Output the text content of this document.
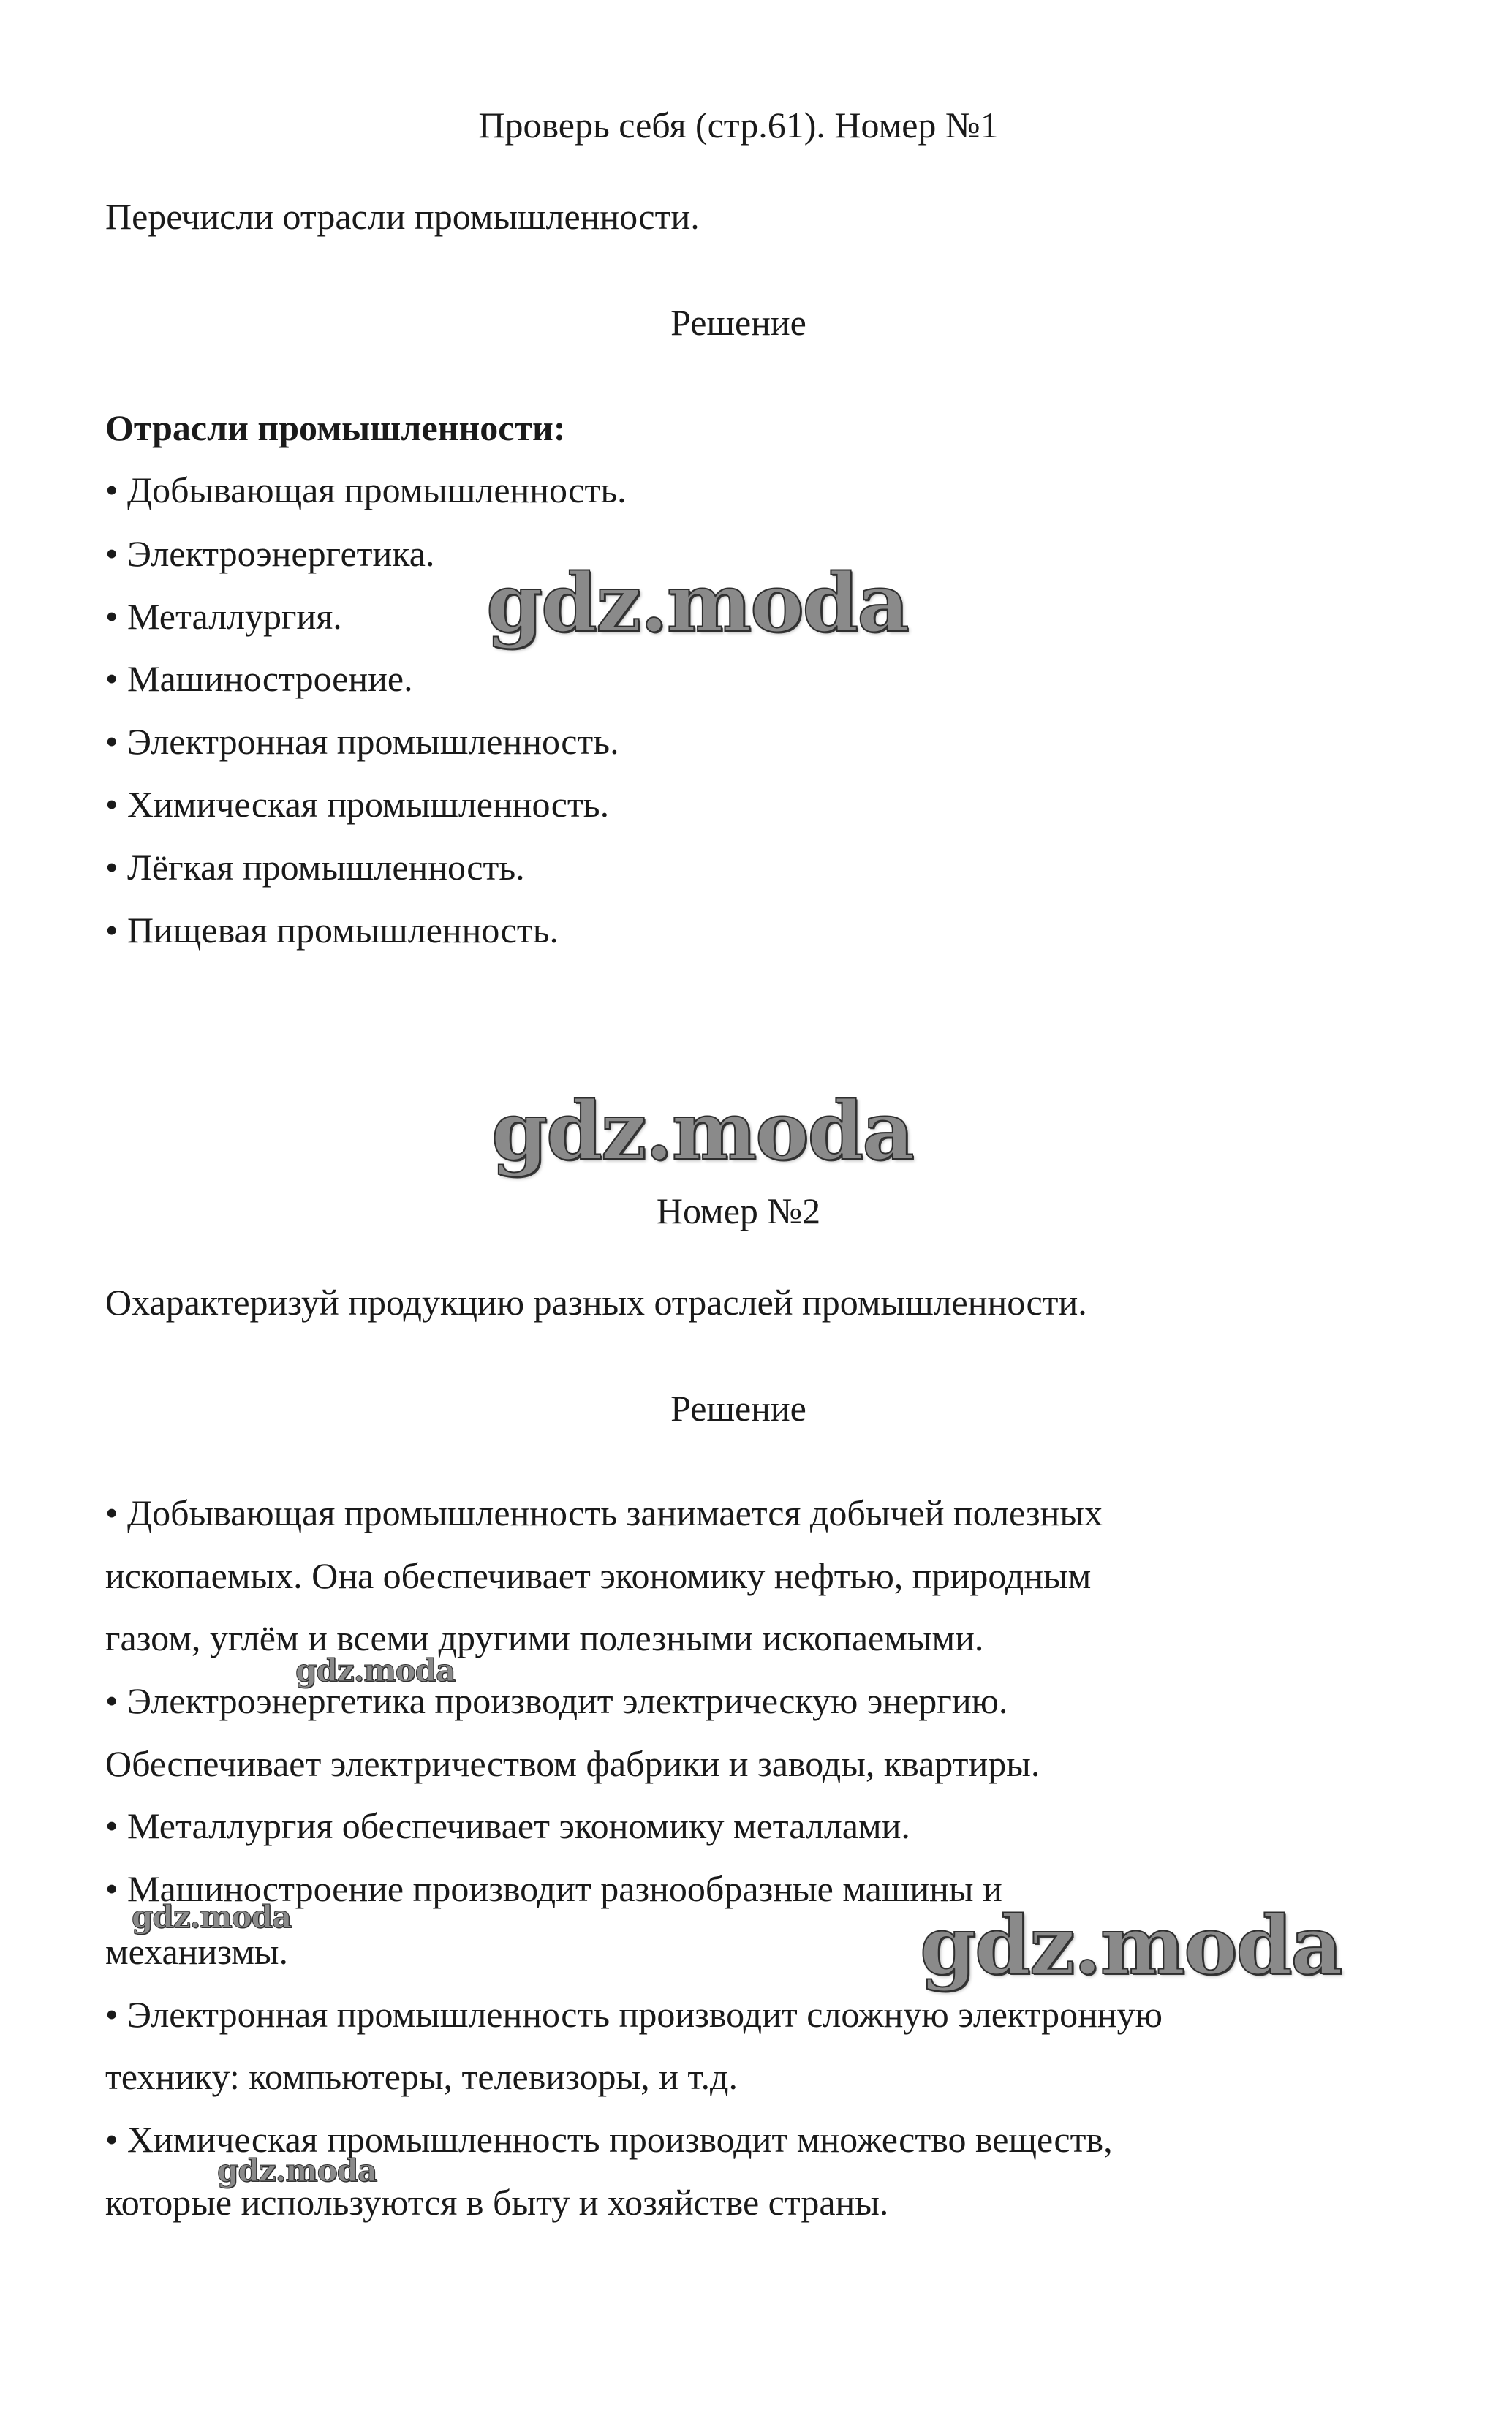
Проверь себя (стр.61). Номер №1
Перечисли отрасли промышленности.
Решение
Отрасли промышленности:
• Добывающая промышленность.
• Электроэнергетика.
• Металлургия.
• Машиностроение.
• Электронная промышленность.
• Химическая промышленность.
• Лёгкая промышленность.
• Пищевая промышленность.
Номер №2
Охарактеризуй продукцию разных отраслей промышленности.
Решение
• Добывающая промышленность занимается добычей полезных
ископаемых. Она обеспечивает экономику нефтью, природным
газом, углём и всеми другими полезными ископаемыми.
• Электроэнергетика производит электрическую энергию.
Обеспечивает электричеством фабрики и заводы, квартиры.
• Металлургия обеспечивает экономику металлами.
• Машиностроение производит разнообразные машины и
механизмы.
• Электронная промышленность производит сложную электронную
технику: компьютеры, телевизоры, и т.д.
• Химическая промышленность производит множество веществ,
которые используются в быту и хозяйстве страны.
gdz.moda
gdz.moda
gdz.moda
gdz.moda	gdz.moda
gdz.moda
